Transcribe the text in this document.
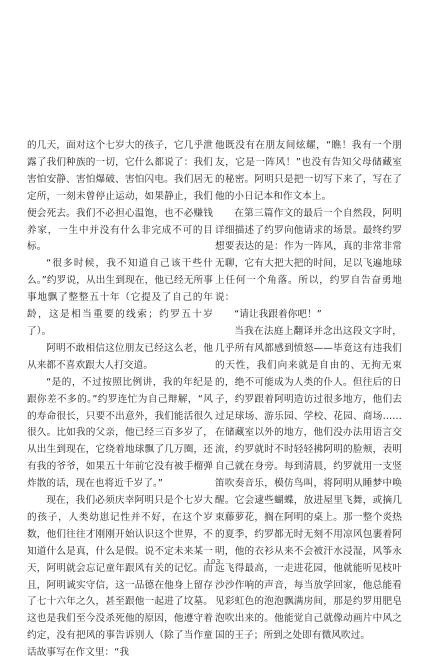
的几天，面对这个七岁大的孩子，它几乎泄露了我们种族的一切，它什么都说了：我们害怕安静、害怕爆破、害怕闪电。我们居无定所，一刻未曾停止运动，如果静止，我们便会死去。我们不必担心温饱，也不必赚钱养家，一生中并没有什么非完成不可的目标。

“很多时候，我不知道自己该干些什么。”约罗说，从出生到现在，他已经无所事事地飘了整整五十年（它提及了自己的年龄，这是相当重要的线索；约罗五十岁了）。

阿明不敢相信这位朋友已经这么老，他从来都不喜欢跟大人打交道。

“是的，不过按照比例讲，我的年纪是跟你差不多的。”约罗连忙为自己辩解，“风的寿命很长，只要不出意外，我们能活很久很久。比如我的父亲，他已经三百多岁了，从出生到现在，它绕着地球飘了几万圈，还有我的爷爷，如果五十年前它没有被手榴弹炸散的话，现在也将近千岁了。”

现在，我们必须庆幸阿明只是个七岁大的孩子，人类幼崽记性并不好，在这个岁数，他们往往才刚刚开始认识这个世界，不知道什么是真，什么是假。说不定未来某一天，阿明就会忘记童年跟风有关的记忆。而且，阿明诚实守信，这一品德在他身上留存了七十六年之久，甚至跟他一起进了坟墓。这也是我们至今没杀死他的原因，他遵守着约定，没有把风的事告诉别人（除了当作童话故事写在作文里：“我

他既没有在朋友间炫耀，“瞧！我有一个朋友，它是一阵风！”也没有告知父母储藏室的秘密。阿明只是把一切写下来了，写在了他的小日记本和作文本上。

在第三篇作文的最后一个自然段，阿明详细描述了约罗向他请求的场景。最终约罗想要表达的是：作为一阵风，真的非常非常无聊，它有大把大把的时间，足以飞遍地球上任何一个角落。所以，约罗自告奋勇地说：

“请让我跟着你吧！”

当我在法庭上翻译并念出这段文字时，几乎所有风都感到愤怒——毕竟这有违我们的天性，我们向来就是自由的、无拘无束的，绝不可能成为人类的仆人。但往后的日子，约罗跟着阿明造访过很多地方，他们去过足球场、游乐园、学校、花园、商场……在储藏室以外的地方，他们没办法用语言交流，约罗就时不时轻轻拂阿明的脸颊，表明自己就在身旁。每到清晨，约罗就用一支竖笛吹奏音乐，模仿鸟叫，将阿明从睡梦中唤醒。它会逮些蝴蝶，放进屋里飞舞，或摘几束藤萝花，搁在阿明的桌上。那一整个炎热的夏季，约罗都无时无刻不用凉风包裹着阿明，他的衣衫从来不会被汗水浸湿，风筝永远飞得最高，一走进花园，他就能听见枝叶沙沙作响的声音，每当放学回家，他总能看见彩虹色的泡泡飘满房间，那是约罗用肥皂泡吹出来的。他能觉自己就像动画片中风之国的王子；所到之处即有微风吹过。

103
